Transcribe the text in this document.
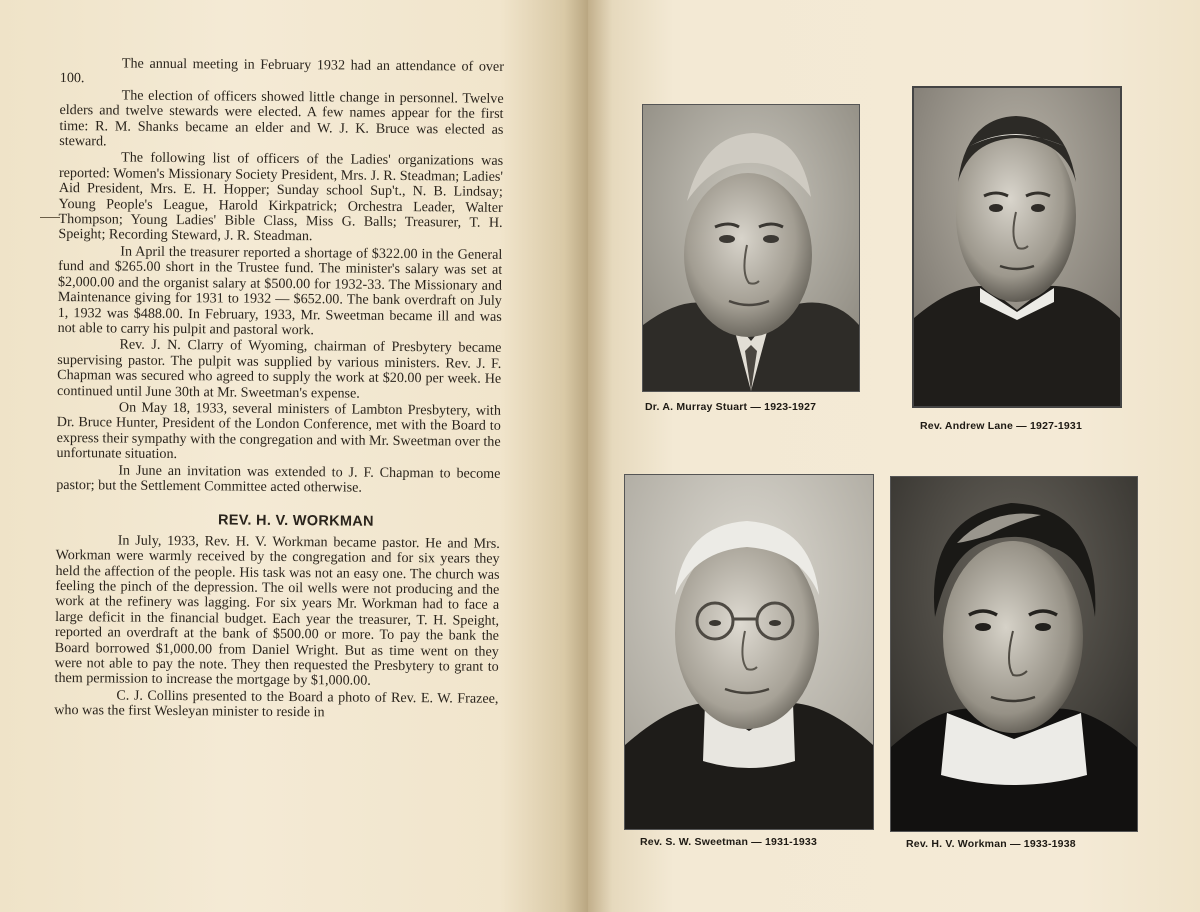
The annual meeting in February 1932 had an attendance of over 100.

The election of officers showed little change in personnel. Twelve elders and twelve stewards were elected. A few names appear for the first time: R. M. Shanks became an elder and W. J. K. Bruce was elected as steward.

The following list of officers of the Ladies' organizations was reported: Women's Missionary Society President, Mrs. J. R. Steadman; Ladies' Aid President, Mrs. E. H. Hopper; Sunday school Sup't., N. B. Lindsay; Young People's League, Harold Kirkpatrick; Orchestra Leader, Walter Thompson; Young Ladies' Bible Class, Miss G. Balls; Treasurer, T. H. Speight; Recording Steward, J. R. Steadman.

In April the treasurer reported a shortage of $322.00 in the General fund and $265.00 short in the Trustee fund. The minister's salary was set at $2,000.00 and the organist salary at $500.00 for 1932-33. The Missionary and Maintenance giving for 1931 to 1932 — $652.00. The bank overdraft on July 1, 1932 was $488.00. In February, 1933, Mr. Sweetman became ill and was not able to carry his pulpit and pastoral work.

Rev. J. N. Clarry of Wyoming, chairman of Presbytery became supervising pastor. The pulpit was supplied by various ministers. Rev. J. F. Chapman was secured who agreed to supply the work at $20.00 per week. He continued until June 30th at Mr. Sweetman's expense.

On May 18, 1933, several ministers of Lambton Presbytery, with Dr. Bruce Hunter, President of the London Conference, met with the Board to express their sympathy with the congregation and with Mr. Sweetman over the unfortunate situation.

In June an invitation was extended to J. F. Chapman to become pastor; but the Settlement Committee acted otherwise.

REV. H. V. WORKMAN

In July, 1933, Rev. H. V. Workman became pastor. He and Mrs. Workman were warmly received by the congregation and for six years they held the affection of the people. His task was not an easy one. The church was feeling the pinch of the depression. The oil wells were not producing and the work at the refinery was lagging. For six years Mr. Workman had to face a large deficit in the financial budget. Each year the treasurer, T. H. Speight, reported an overdraft at the bank of $500.00 or more. To pay the bank the Board borrowed $1,000.00 from Daniel Wright. But as time went on they were not able to pay the note. They then requested the Presbytery to grant to them permission to increase the mortgage by $1,000.00.

C. J. Collins presented to the Board a photo of Rev. E. W. Frazee, who was the first Wesleyan minister to reside in

Dr. A. Murray Stuart — 1923-1927
Rev. Andrew Lane — 1927-1931
Rev. S. W. Sweetman — 1931-1933	Rev. H. V. Workman — 1933-1938
